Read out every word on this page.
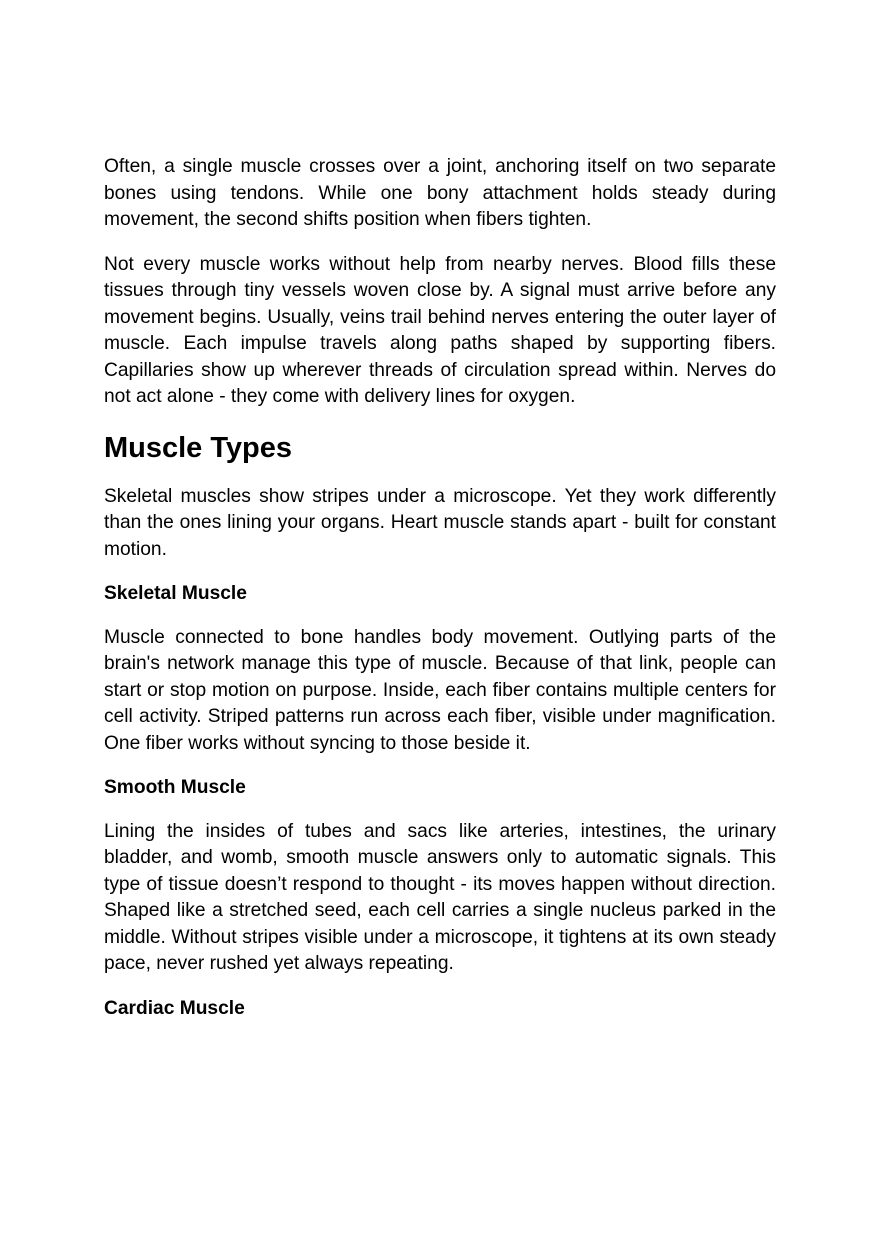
Often, a single muscle crosses over a joint, anchoring itself on two separate bones using tendons. While one bony attachment holds steady during movement, the second shifts position when fibers tighten.

Not every muscle works without help from nearby nerves. Blood fills these tissues through tiny vessels woven close by. A signal must arrive before any movement begins. Usually, veins trail behind nerves entering the outer layer of muscle. Each impulse travels along paths shaped by supporting fibers. Capillaries show up wherever threads of circulation spread within. Nerves do not act alone - they come with delivery lines for oxygen.

Muscle Types

Skeletal muscles show stripes under a microscope. Yet they work differently than the ones lining your organs. Heart muscle stands apart - built for constant motion.

Skeletal Muscle

Muscle connected to bone handles body movement. Outlying parts of the brain's network manage this type of muscle. Because of that link, people can start or stop motion on purpose. Inside, each fiber contains multiple centers for cell activity. Striped patterns run across each fiber, visible under magnification. One fiber works without syncing to those beside it.

Smooth Muscle

Lining the insides of tubes and sacs like arteries, intestines, the urinary bladder, and womb, smooth muscle answers only to automatic signals. This type of tissue doesn’t respond to thought - its moves happen without direction. Shaped like a stretched seed, each cell carries a single nucleus parked in the middle. Without stripes visible under a microscope, it tightens at its own steady pace, never rushed yet always repeating.

Cardiac Muscle
